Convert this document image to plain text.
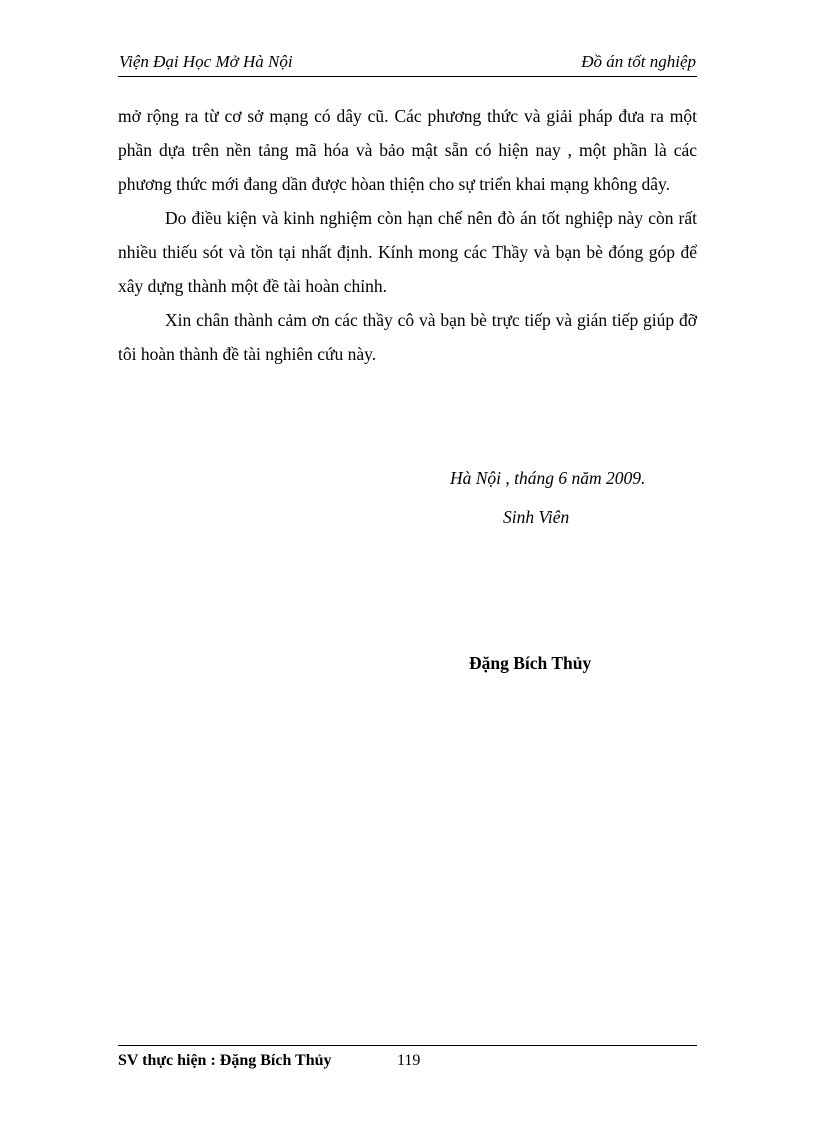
Viện Đại Học Mở Hà Nội	Đồ án tốt nghiệp

mở rộng ra từ cơ sở mạng có dây cũ. Các phương thức và giải pháp đưa ra một phần dựa trên nền tảng mã hóa và bảo mật sẵn có hiện nay , một phần là các phương thức mới đang dần được hòan thiện cho sự triển khai mạng không dây.

Do điều kiện và kinh nghiệm còn hạn chế nên đò án tốt nghiệp này còn rất nhiều thiếu sót và tồn tại nhất định. Kính mong các Thầy và bạn bè đóng góp để xây dựng thành một đề tài hoàn chỉnh.

Xin chân thành cảm ơn các thầy cô và bạn bè trực tiếp và gián tiếp giúp đỡ tôi hoàn thành đề tài nghiên cứu này.

Hà Nội , tháng 6 năm 2009.
Sinh Viên
Đặng Bích Thủy
SV thực hiện : Đặng Bích Thủy	119
